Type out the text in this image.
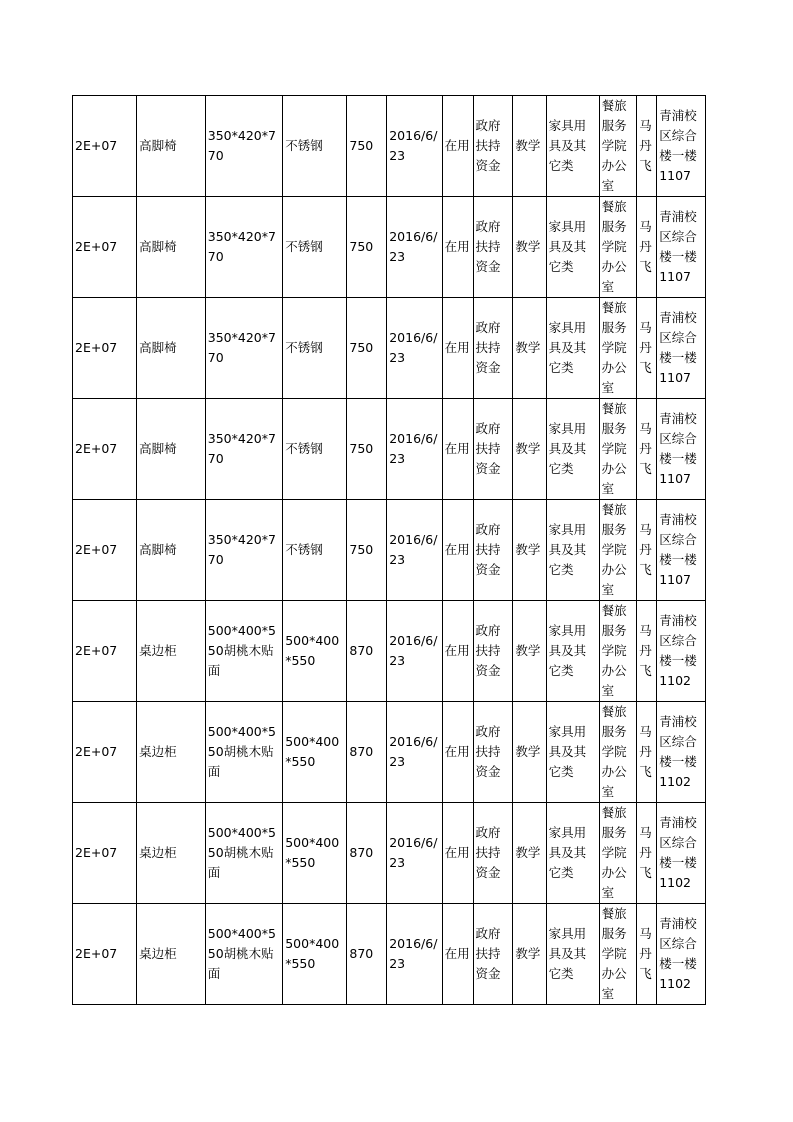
2E+07	高脚椅	350*420*770	不锈钢	750	2016/6/23	在用	政府扶持资金	教学	家具用具及其它类	餐旅服务学院办公室	马丹飞	青浦校区综合楼一楼1107
2E+07	高脚椅	350*420*770	不锈钢	750	2016/6/23	在用	政府扶持资金	教学	家具用具及其它类	餐旅服务学院办公室	马丹飞	青浦校区综合楼一楼1107
2E+07	高脚椅	350*420*770	不锈钢	750	2016/6/23	在用	政府扶持资金	教学	家具用具及其它类	餐旅服务学院办公室	马丹飞	青浦校区综合楼一楼1107
2E+07	高脚椅	350*420*770	不锈钢	750	2016/6/23	在用	政府扶持资金	教学	家具用具及其它类	餐旅服务学院办公室	马丹飞	青浦校区综合楼一楼1107
2E+07	高脚椅	350*420*770	不锈钢	750	2016/6/23	在用	政府扶持资金	教学	家具用具及其它类	餐旅服务学院办公室	马丹飞	青浦校区综合楼一楼1107
2E+07	桌边柜	500*400*550胡桃木贴面	500*400*550	870	2016/6/23	在用	政府扶持资金	教学	家具用具及其它类	餐旅服务学院办公室	马丹飞	青浦校区综合楼一楼1102
2E+07	桌边柜	500*400*550胡桃木贴面	500*400*550	870	2016/6/23	在用	政府扶持资金	教学	家具用具及其它类	餐旅服务学院办公室	马丹飞	青浦校区综合楼一楼1102
2E+07	桌边柜	500*400*550胡桃木贴面	500*400*550	870	2016/6/23	在用	政府扶持资金	教学	家具用具及其它类	餐旅服务学院办公室	马丹飞	青浦校区综合楼一楼1102
2E+07	桌边柜	500*400*550胡桃木贴面	500*400*550	870	2016/6/23	在用	政府扶持资金	教学	家具用具及其它类	餐旅服务学院办公室	马丹飞	青浦校区综合楼一楼1102
